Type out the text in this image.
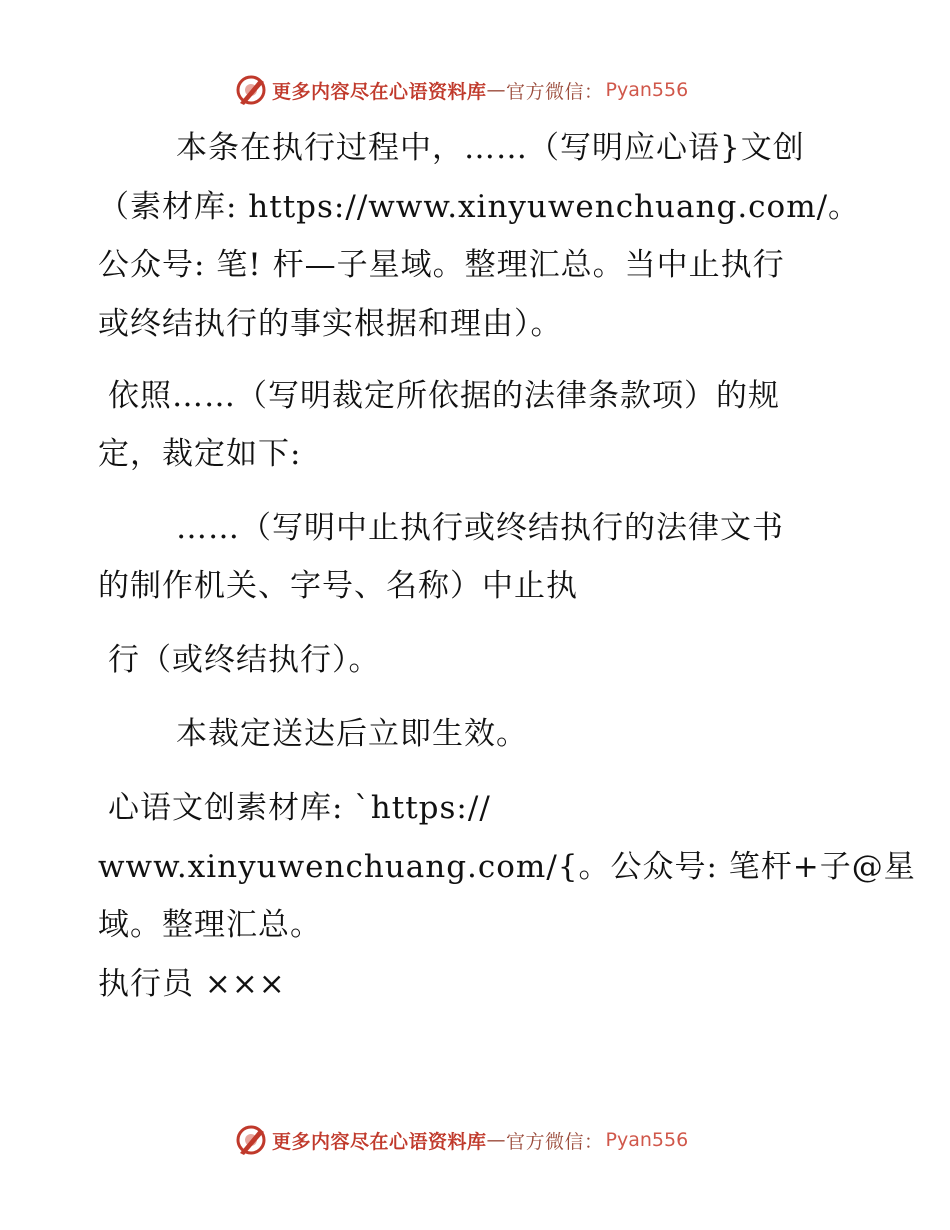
更多内容尽在心语资料库 — 官方微信： Pyan556
本条在执行过程中，……（写明应心语}文创
（素材库: https://www.xinyuwenchuang.com/。
公众号: 笔! 杆—子星域。整理汇总。当中止执行
或终结执行的事实根据和理由）。
依照……（写明裁定所依据的法律条款项）的规
定，裁定如下:
……（写明中止执行或终结执行的法律文书
的制作机关、字号、名称）中止执
行（或终结执行）。
本裁定送达后立即生效。
心语文创素材库: `https://
www.xinyuwenchuang.com/{。公众号: 笔杆+子@星
域。整理汇总。
执行员 ×××
更多内容尽在心语资料库 — 官方微信： Pyan556
